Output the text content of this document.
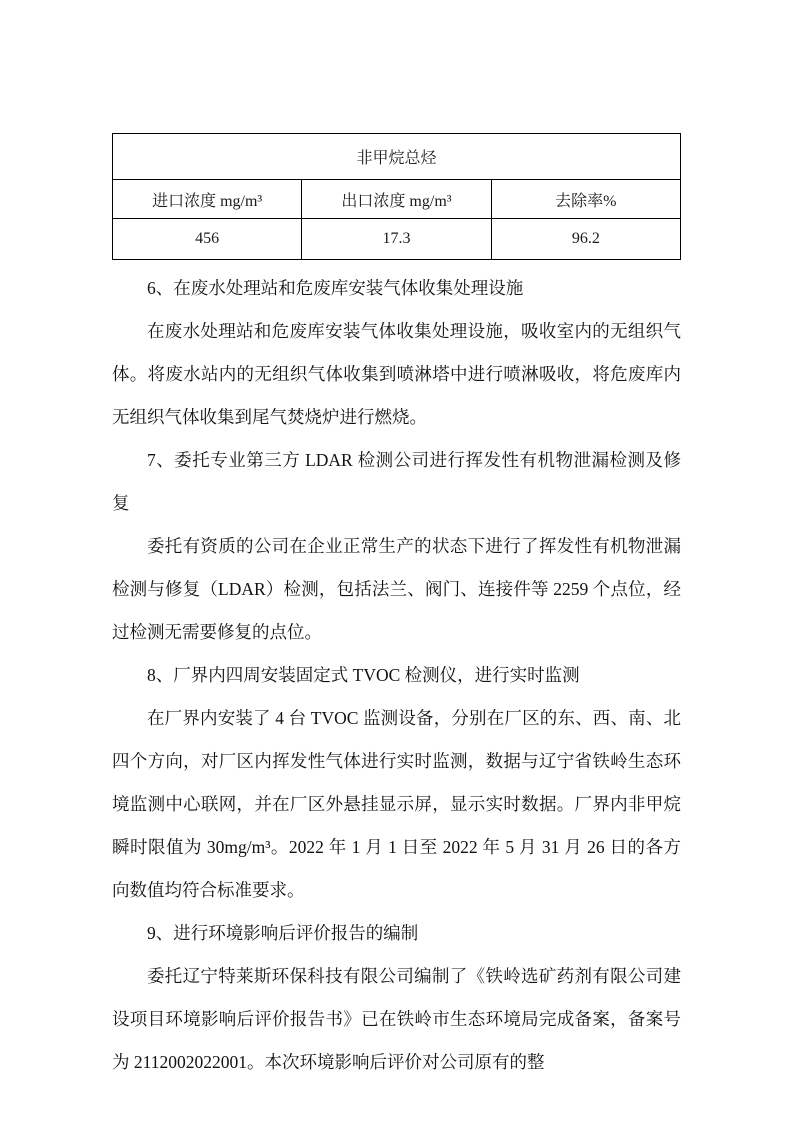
非甲烷总烃		
进口浓度 mg/m³	出口浓度 mg/m³	去除率%
456	17.3	96.2

6、在废水处理站和危废库安装气体收集处理设施

在废水处理站和危废库安装气体收集处理设施，吸收室内的无组织气体。将废水站内的无组织气体收集到喷淋塔中进行喷淋吸收，将危废库内无组织气体收集到尾气焚烧炉进行燃烧。

7、委托专业第三方 LDAR 检测公司进行挥发性有机物泄漏检测及修复

委托有资质的公司在企业正常生产的状态下进行了挥发性有机物泄漏检测与修复（LDAR）检测，包括法兰、阀门、连接件等 2259 个点位，经过检测无需要修复的点位。

8、厂界内四周安装固定式 TVOC 检测仪，进行实时监测

在厂界内安装了 4 台 TVOC 监测设备，分别在厂区的东、西、南、北四个方向，对厂区内挥发性气体进行实时监测，数据与辽宁省铁岭生态环境监测中心联网，并在厂区外悬挂显示屏，显示实时数据。厂界内非甲烷瞬时限值为 30mg/m³。2022 年 1 月 1 日至 2022 年 5 月 31 月 26 日的各方向数值均符合标准要求。

9、进行环境影响后评价报告的编制

委托辽宁特莱斯环保科技有限公司编制了《铁岭选矿药剂有限公司建设项目环境影响后评价报告书》已在铁岭市生态环境局完成备案，备案号为 2112002022001。本次环境影响后评价对公司原有的整
